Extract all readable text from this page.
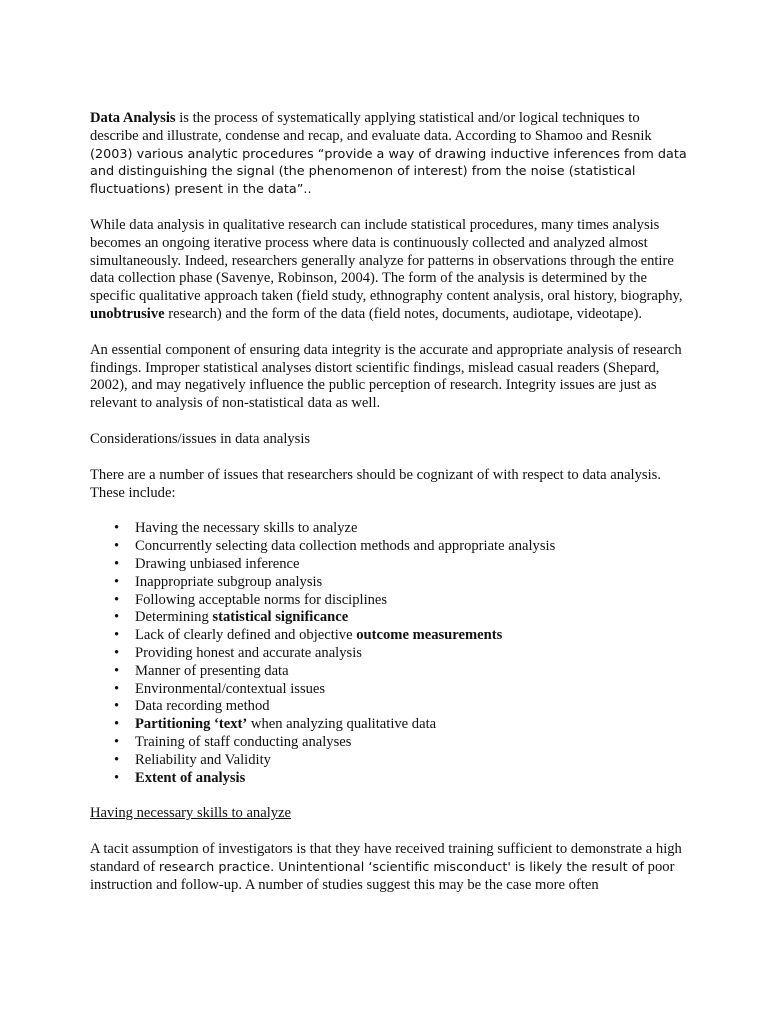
Data Analysis is the process of systematically applying statistical and/or logical techniques to describe and illustrate, condense and recap, and evaluate data. According to Shamoo and Resnik (2003) various analytic procedures “provide a way of drawing inductive inferences from data and distinguishing the signal (the phenomenon of interest) from the noise (statistical fluctuations) present in the data”..

While data analysis in qualitative research can include statistical procedures, many times analysis becomes an ongoing iterative process where data is continuously collected and analyzed almost simultaneously. Indeed, researchers generally analyze for patterns in observations through the entire data collection phase (Savenye, Robinson, 2004). The form of the analysis is determined by the specific qualitative approach taken (field study, ethnography content analysis, oral history, biography, unobtrusive research) and the form of the data (field notes, documents, audiotape, videotape).

An essential component of ensuring data integrity is the accurate and appropriate analysis of research findings. Improper statistical analyses distort scientific findings, mislead casual readers (Shepard, 2002), and may negatively influence the public perception of research. Integrity issues are just as relevant to analysis of non-statistical data as well.

Considerations/issues in data analysis

There are a number of issues that researchers should be cognizant of with respect to data analysis. These include:

• Having the necessary skills to analyze
• Concurrently selecting data collection methods and appropriate analysis
• Drawing unbiased inference
• Inappropriate subgroup analysis
• Following acceptable norms for disciplines
• Determining statistical significance
• Lack of clearly defined and objective outcome measurements
• Providing honest and accurate analysis
• Manner of presenting data
• Environmental/contextual issues
• Data recording method
• Partitioning ‘text’ when analyzing qualitative data
• Training of staff conducting analyses
• Reliability and Validity
• Extent of analysis

Having necessary skills to analyze

A tacit assumption of investigators is that they have received training sufficient to demonstrate a high standard of research practice. Unintentional ‘scientific misconduct' is likely the result of poor instruction and follow-up. A number of studies suggest this may be the case more often
